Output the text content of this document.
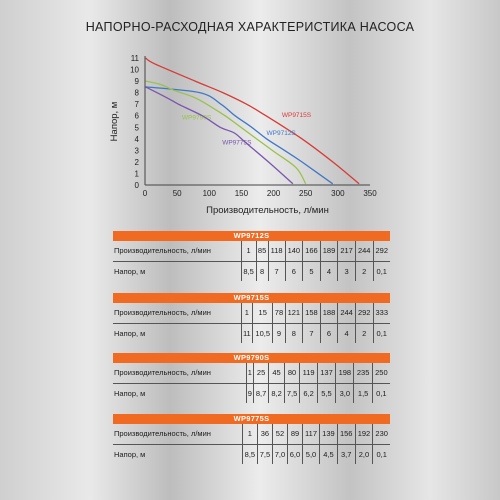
НАПОРНО-РАСХОДНАЯ ХАРАКТЕРИСТИКА НАСОСА
0	50	100 150 200 250 300 350
0
1
2
3
4
5
6
7
8
9
10
11
Производительность, л/мин
Напор, м	WP9715S
WP9712S
WP9790S
WP9775S
WP9712S
Производительность, л/мин	1	85	118	140	166	189	217	244	292
Напор, м	8,5	8	7	6	5	4	3	2	0,1
WP9715S
Производительность, л/мин	1	15	78	121	158	188	244	292	333
Напор, м	11	10,5	9	8	7	6	4	2	0,1
WP9790S
Производительность, л/мин	1	25	45	80	119	137	198	235	250
Напор, м	9	8,7	8,2	7,5	6,2	5,5	3,0	1,5	0,1
WP9775S
Производительность, л/мин	1	36	52	89	117	139	156	192	230
Напор, м	8,5	7,5	7,0	6,0	5,0	4,5	3,7	2,0	0,1
